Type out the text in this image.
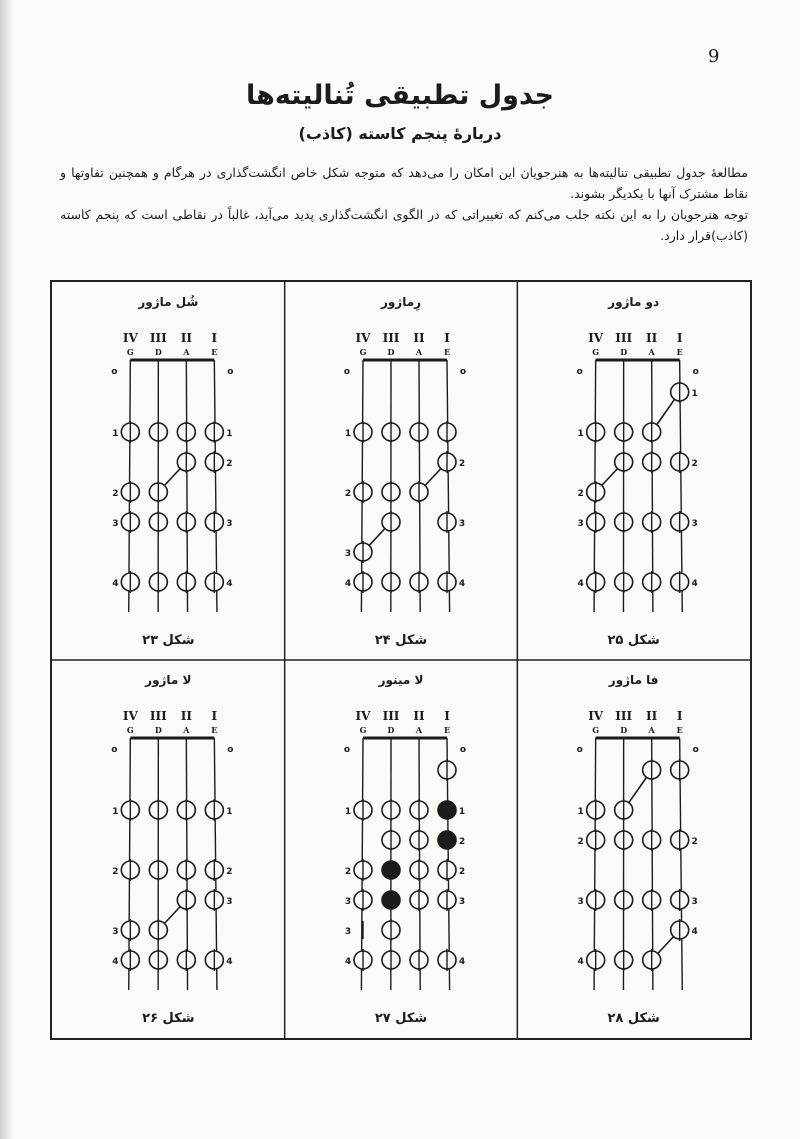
9
جدول تطبیقی تُنالیته‌ها
دربارهٔ پنجم کاسته (کاذب)

مطالعهٔ جدول تطبیقی تنالیته‌ها به هنرجویان این امکان را می‌دهد که متوجه شکل خاص انگشت‌گذاری در هرگام و همچنین تفاوتها و نقاط مشترک آنها با یکدیگر بشوند.

توجه هنرجویان را به این نکته جلب می‌کنم که تغییراتی که در الگوی انگشت‌گذاری پدید می‌آید، غالباً در نقاطی است که پنجم کاسته (کاذب)قرار دارد.

شُل ماژور
IV
G
III
D
II
A
I
E
o	o
1	1
2
2
3	3
4	4
شکل ۲۳
رِماژور
IV
G
III
D
II
A
I
E
o	o
1
2
2
3
3
4	4
شکل ۲۴
دو ماژور
IV
G
III
D
II
A
I
E
o	o
1
1
2
2
3	3
4	4
شکل ۲۵
لا ماژور
IV
G
III
D
II
A
I
E
o	o
1	1
2	2
3
3
4	4
شکل ۲۶
لا مینور
IV
G
III
D
II
A
I
E
o	o
1	1
2
2	2
3	3
3
4	4
شکل ۲۷
فا ماژور
IV
G
III
D
II
A
I
E
o	o
1
2	2
3	3
4
4
شکل ۲۸
